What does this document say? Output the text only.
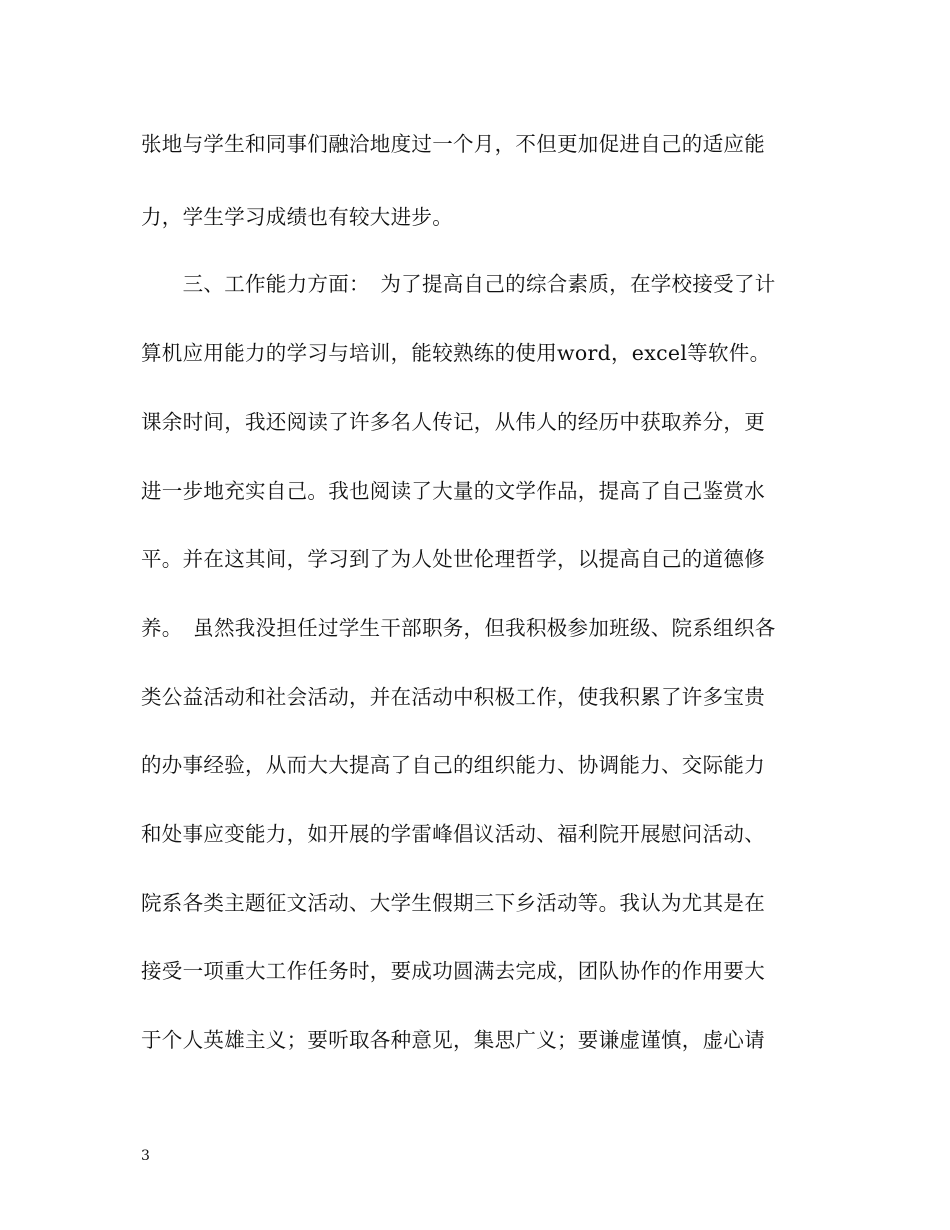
张地与学生和同事们融洽地度过一个月，不但更加促进自己的适应能
力，学生学习成绩也有较大进步。
　　三、工作能力方面：　为了提高自己的综合素质，在学校接受了计
算机应用能力的学习与培训，能较熟练的使用word，excel等软件。
课余时间，我还阅读了许多名人传记，从伟人的经历中获取养分，更
进一步地充实自己。我也阅读了大量的文学作品，提高了自己鉴赏水
平。并在这其间，学习到了为人处世伦理哲学，以提高自己的道德修
养。　虽然我没担任过学生干部职务，但我积极参加班级、院系组织各
类公益活动和社会活动，并在活动中积极工作，使我积累了许多宝贵
的办事经验，从而大大提高了自己的组织能力、协调能力、交际能力
和处事应变能力，如开展的学雷峰倡议活动、福利院开展慰问活动、
院系各类主题征文活动、大学生假期三下乡活动等。我认为尤其是在
接受一项重大工作任务时，要成功圆满去完成，团队协作的作用要大
于个人英雄主义；要听取各种意见，集思广义；要谦虚谨慎，虚心请
3
